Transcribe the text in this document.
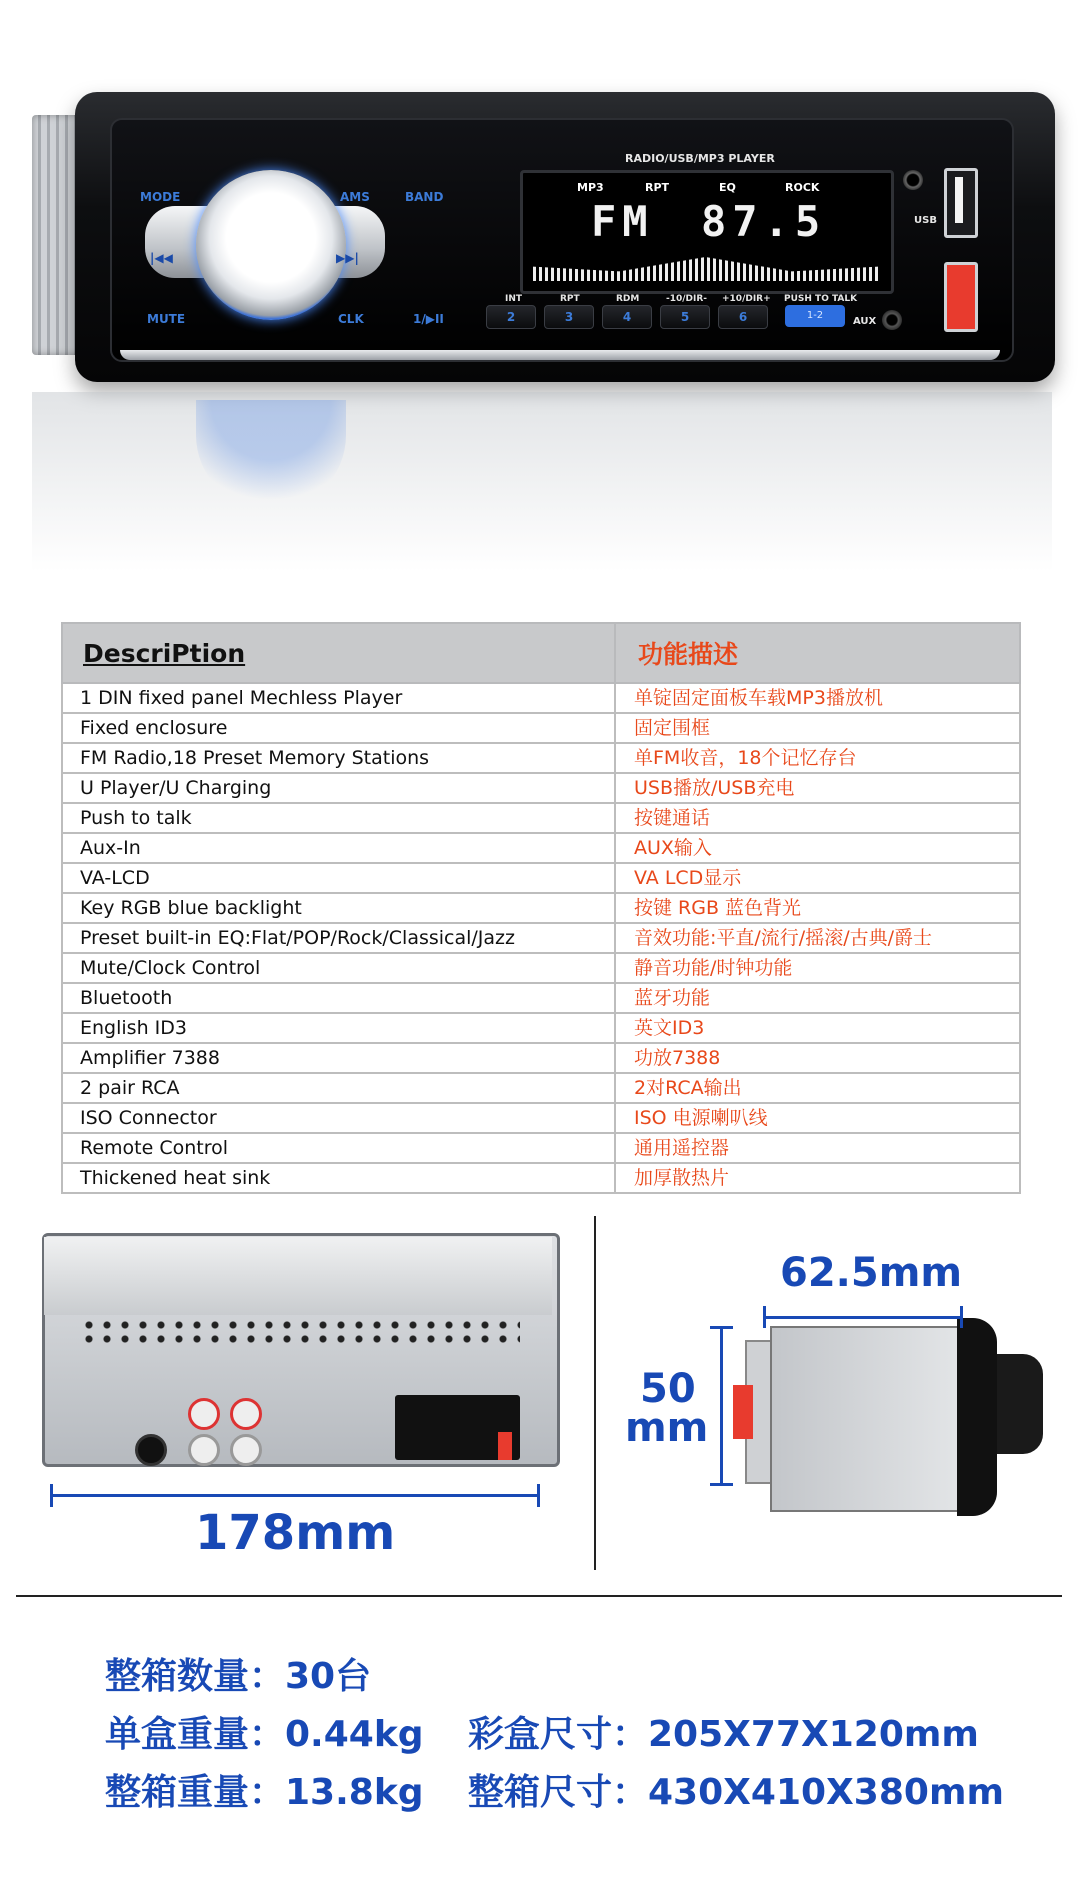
MODE	AMS	BAND
|◀◀	▶▶|
MUTE	CLK	1/▶II
RADIO/USB/MP3 PLAYER
MP3	RPT	EQ	ROCK
FM 87.5
INT	RPT	RDM	-10/DIR- +10/DIR+ PUSH TO TALK
2	3	4	5	6	1-2
USB
AUX
DescriPtion	功能描述
1 DIN fixed panel Mechless Player	单锭固定面板车载MP3播放机
Fixed enclosure	固定围框
FM Radio,18 Preset Memory Stations	单FM收音，18个记忆存台
U Player/U Charging	USB播放/USB充电
Push to talk	按键通话
Aux-In	AUX输入
VA-LCD	VA LCD显示
Key RGB blue backlight	按键 RGB 蓝色背光
Preset built-in EQ:Flat/POP/Rock/Classical/Jazz	音效功能:平直/流行/摇滚/古典/爵士
Mute/Clock Control	静音功能/时钟功能
Bluetooth	蓝牙功能
English ID3	英文ID3
Amplifier 7388	功放7388
2 pair RCA	2对RCA输出
ISO Connector	ISO 电源喇叭线
Remote Control	通用遥控器
Thickened heat sink	加厚散热片
178mm
62.5mm
50
mm
整箱数量：30台
单盒重量：0.44kg 彩盒尺寸：205X77X120mm
整箱重量：13.8kg 整箱尺寸：430X410X380mm
